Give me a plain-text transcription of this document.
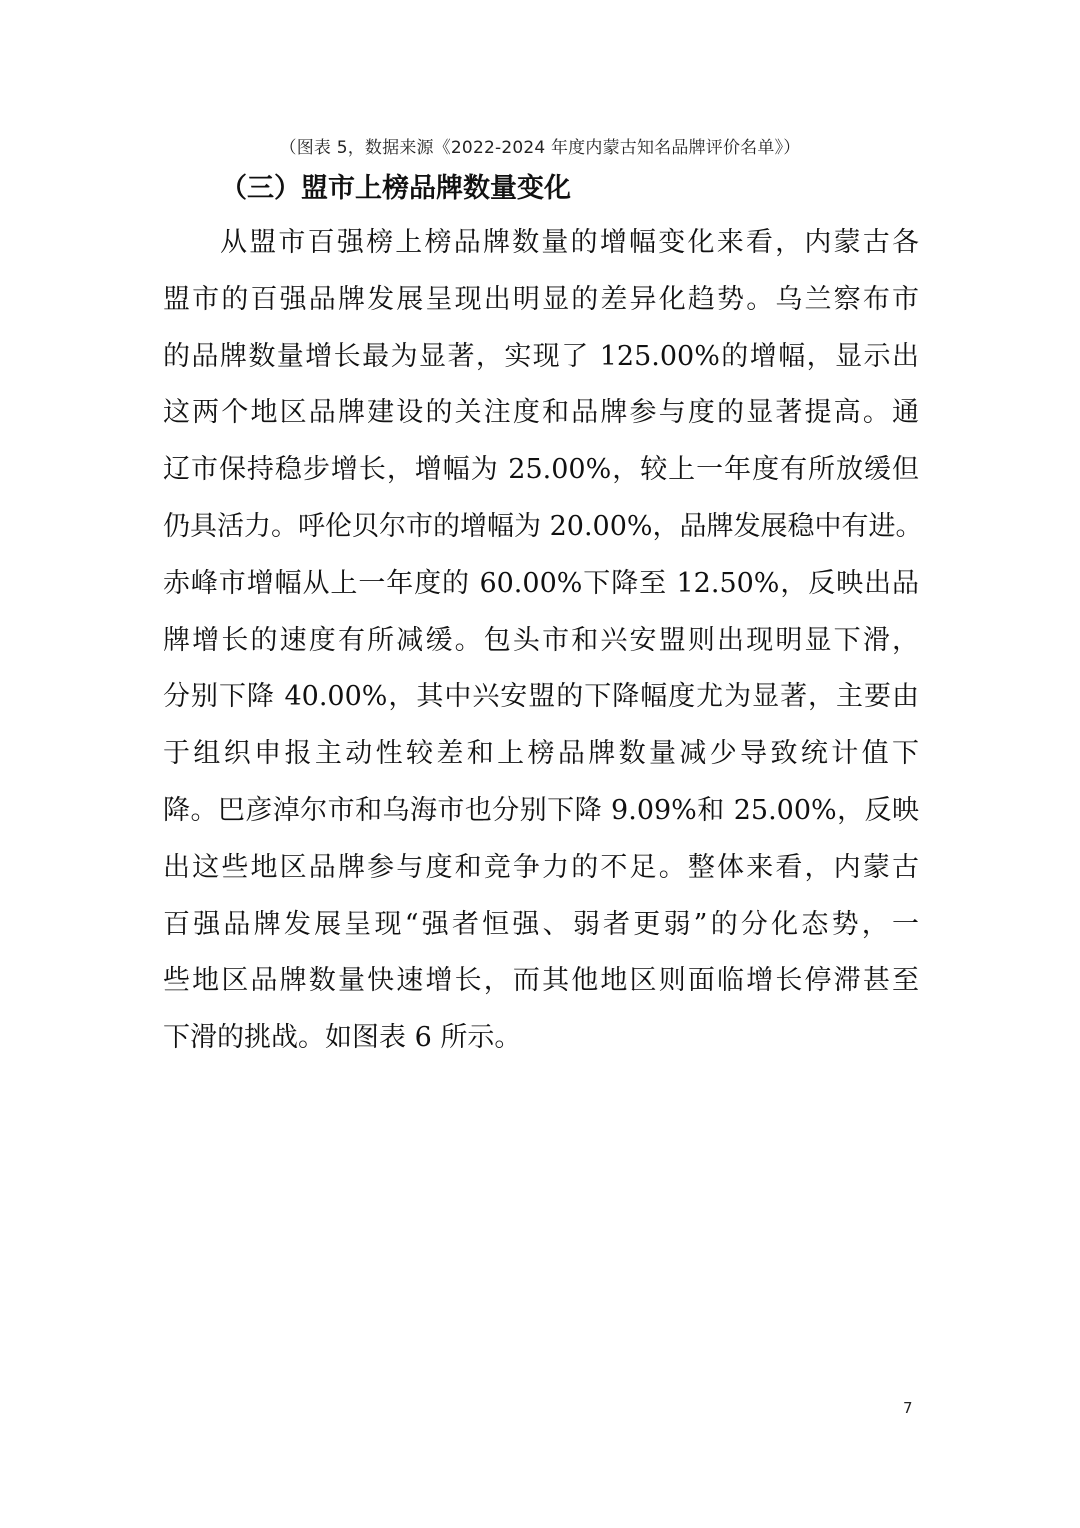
（图表 5，数据来源《2022-2024 年度内蒙古知名品牌评价名单》）
（三）盟市上榜品牌数量变化
从盟市百强榜上榜品牌数量的增幅变化来看，内蒙古各
盟市的百强品牌发展呈现出明显的差异化趋势。乌兰察布市
的品牌数量增长最为显著，实现了 125.00%的增幅，显示出
这两个地区品牌建设的关注度和品牌参与度的显著提高。通
辽市保持稳步增长，增幅为 25.00%，较上一年度有所放缓但
仍具活力。呼伦贝尔市的增幅为 20.00%，品牌发展稳中有进。
赤峰市增幅从上一年度的 60.00%下降至 12.50%，反映出品
牌增长的速度有所减缓。包头市和兴安盟则出现明显下滑，
分别下降 40.00%，其中兴安盟的下降幅度尤为显著，主要由
于组织申报主动性较差和上榜品牌数量减少导致统计值下
降。巴彦淖尔市和乌海市也分别下降 9.09%和 25.00%，反映
出这些地区品牌参与度和竞争力的不足。整体来看，内蒙古
百强品牌发展呈现“强者恒强、弱者更弱”的分化态势，一
些地区品牌数量快速增长，而其他地区则面临增长停滞甚至
下滑的挑战。如图表 6 所示。
7
